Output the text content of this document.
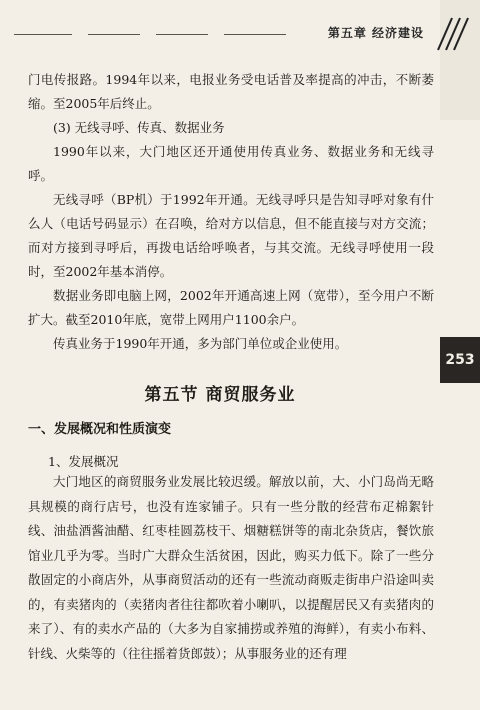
第五章 经济建设
253

门电传报路。1994年以来，电报业务受电话普及率提高的冲击，不断萎缩。至2005年后终止。

(3) 无线寻呼、传真、数据业务

1990年以来，大门地区还开通使用传真业务、数据业务和无线寻呼。

无线寻呼（BP机）于1992年开通。无线寻呼只是告知寻呼对象有什么人（电话号码显示）在召唤，给对方以信息，但不能直接与对方交流；而对方接到寻呼后，再拨电话给呼唤者，与其交流。无线寻呼使用一段时，至2002年基本消停。

数据业务即电脑上网，2002年开通高速上网（宽带），至今用户不断扩大。截至2010年底，宽带上网用户1100余户。

传真业务于1990年开通，多为部门单位或企业使用。

第五节 商贸服务业
一、发展概况和性质演变
1、发展概况

大门地区的商贸服务业发展比较迟缓。解放以前，大、小门岛尚无略具规模的商行店号，也没有连家铺子。只有一些分散的经营布疋棉絮针线、油盐酒酱油醋、红枣桂圆荔枝干、烟糖糕饼等的南北杂货店，餐饮旅馆业几乎为零。当时广大群众生活贫困，因此，购买力低下。除了一些分散固定的小商店外，从事商贸活动的还有一些流动商贩走街串户沿途叫卖的，有卖猪肉的（卖猪肉者往往都吹着小喇叭，以提醒居民又有卖猪肉的来了）、有的卖水产品的（大多为自家捕捞或养殖的海鲜），有卖小布料、针线、火柴等的（往往摇着货郎鼓）；从事服务业的还有理
